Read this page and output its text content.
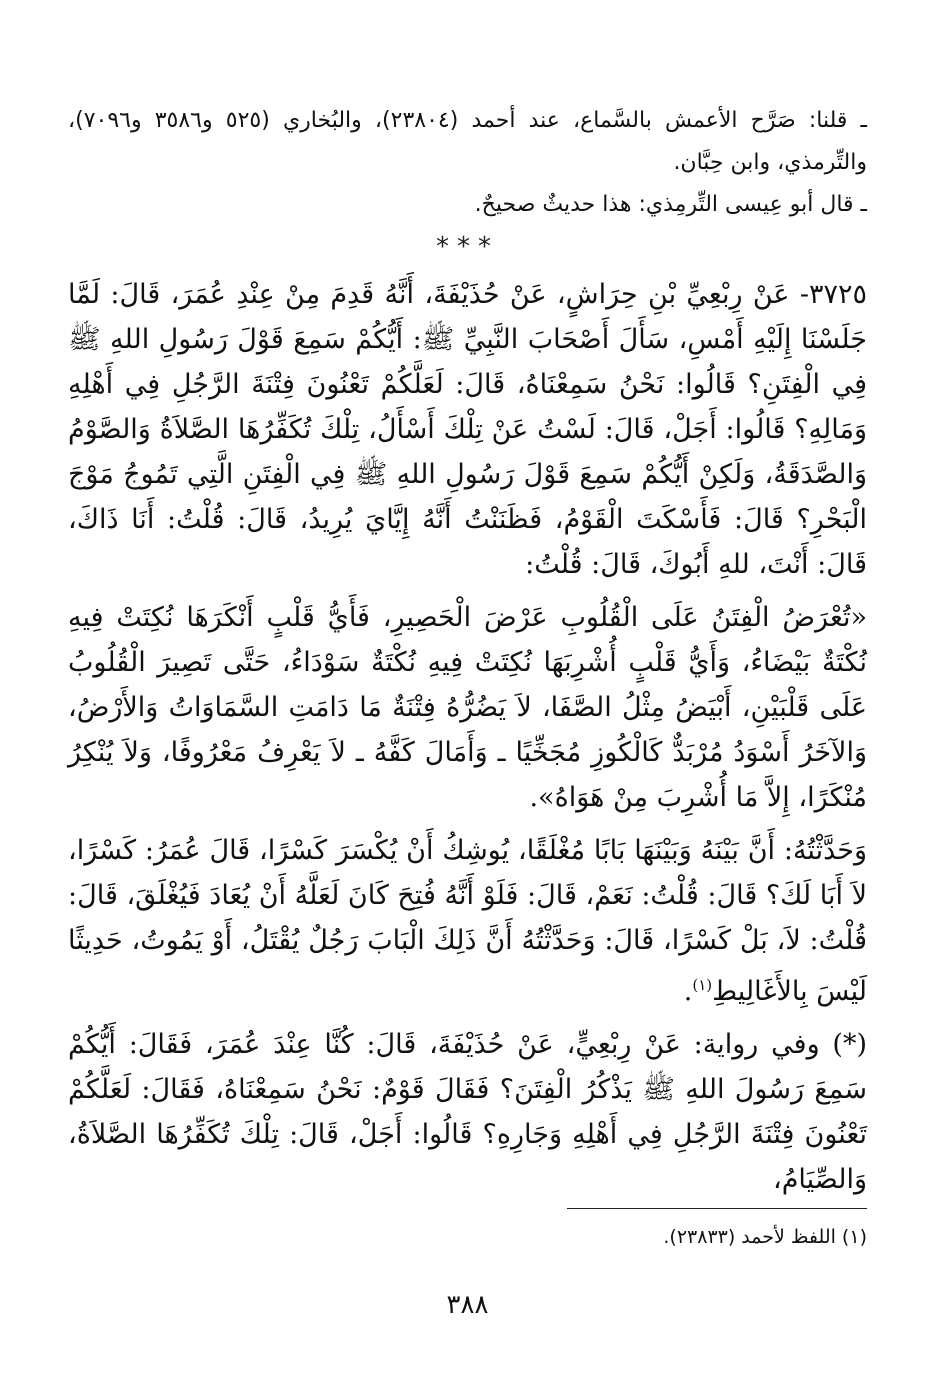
ـ قلنا: صَرَّح الأعمش بالسَّماع، عند أحمد (٢٣٨٠٤)، والبُخاري (٥٢٥ و٣٥٨٦ و٧٠٩٦)، والتِّرمذي، وابن حِبَّان.

ـ قال أبو عِيسى التِّرمِذي: هذا حديثٌ صحيحٌ.

***

٣٧٢٥- عَنْ رِبْعِيِّ بْنِ حِرَاشٍ، عَنْ حُذَيْفَةَ، أَنَّهُ قَدِمَ مِنْ عِنْدِ عُمَرَ، قَالَ: لَمَّا جَلَسْنَا إِلَيْهِ أَمْسِ، سَأَلَ أَصْحَابَ النَّبِيِّ ﷺ: أَيُّكُمْ سَمِعَ قَوْلَ رَسُولِ اللهِ ﷺ فِي الْفِتَنِ؟ قَالُوا: نَحْنُ سَمِعْنَاهُ، قَالَ: لَعَلَّكُمْ تَعْنُونَ فِتْنَةَ الرَّجُلِ فِي أَهْلِهِ وَمَالِهِ؟ قَالُوا: أَجَلْ، قَالَ: لَسْتُ عَنْ تِلْكَ أَسْأَلُ، تِلْكَ تُكَفِّرُهَا الصَّلاَةُ وَالصَّوْمُ وَالصَّدَقَةُ، وَلَكِنْ أَيُّكُمْ سَمِعَ قَوْلَ رَسُولِ اللهِ ﷺ فِي الْفِتَنِ الَّتِي تَمُوجُ مَوْجَ الْبَحْرِ؟ قَالَ: فَأَسْكَتَ الْقَوْمُ، فَظَنَنْتُ أَنَّهُ إِيَّايَ يُرِيدُ، قَالَ: قُلْتُ: أَنَا ذَاكَ، قَالَ: أَنْتَ، للهِ أَبُوكَ، قَالَ: قُلْتُ:

«تُعْرَضُ الْفِتَنُ عَلَى الْقُلُوبِ عَرْضَ الْحَصِيرِ، فَأَيُّ قَلْبٍ أَنْكَرَهَا نُكِتَتْ فِيهِ نُكْتَةٌ بَيْضَاءُ، وَأَيُّ قَلْبٍ أُشْرِبَهَا نُكِتَتْ فِيهِ نُكْتَةٌ سَوْدَاءُ، حَتَّى تَصِيرَ الْقُلُوبُ عَلَى قَلْبَيْنِ، أَبْيَضُ مِثْلُ الصَّفَا، لاَ يَضُرُّهُ فِتْنَةٌ مَا دَامَتِ السَّمَاوَاتُ وَالأَرْضُ، وَالآخَرُ أَسْوَدُ مُرْبَدٌّ كَالْكُوزِ مُجَخِّيًا ـ وَأَمَالَ كَفَّهُ ـ لاَ يَعْرِفُ مَعْرُوفًا، وَلاَ يُنْكِرُ مُنْكَرًا، إِلاَّ مَا أُشْرِبَ مِنْ هَوَاهُ».

وَحَدَّثْتُهُ: أَنَّ بَيْنَهُ وَبَيْنَهَا بَابًا مُغْلَقًا، يُوشِكُ أَنْ يُكْسَرَ كَسْرًا، قَالَ عُمَرُ: كَسْرًا، لاَ أَبَا لَكَ؟ قَالَ: قُلْتُ: نَعَمْ، قَالَ: فَلَوْ أَنَّهُ فُتِحَ كَانَ لَعَلَّهُ أَنْ يُعَادَ فَيُغْلَقَ، قَالَ: قُلْتُ: لاَ، بَلْ كَسْرًا، قَالَ: وَحَدَّثْتُهُ أَنَّ ذَلِكَ الْبَابَ رَجُلٌ يُقْتَلُ، أَوْ يَمُوتُ، حَدِيثًا لَيْسَ بِالأَغَالِيطِ$^{(١)}$.

(*) وفي رواية: عَنْ رِبْعِيٍّ، عَنْ حُذَيْفَةَ، قَالَ: كُنَّا عِنْدَ عُمَرَ، فَقَالَ: أَيُّكُمْ سَمِعَ رَسُولَ اللهِ ﷺ يَذْكُرُ الْفِتَنَ؟ فَقَالَ قَوْمٌ: نَحْنُ سَمِعْنَاهُ، فَقَالَ: لَعَلَّكُمْ تَعْنُونَ فِتْنَةَ الرَّجُلِ فِي أَهْلِهِ وَجَارِهِ؟ قَالُوا: أَجَلْ، قَالَ: تِلْكَ تُكَفِّرُهَا الصَّلاَةُ، وَالصِّيَامُ،

(١) اللفظ لأحمد (٢٣٨٣٣).
٣٨٨
